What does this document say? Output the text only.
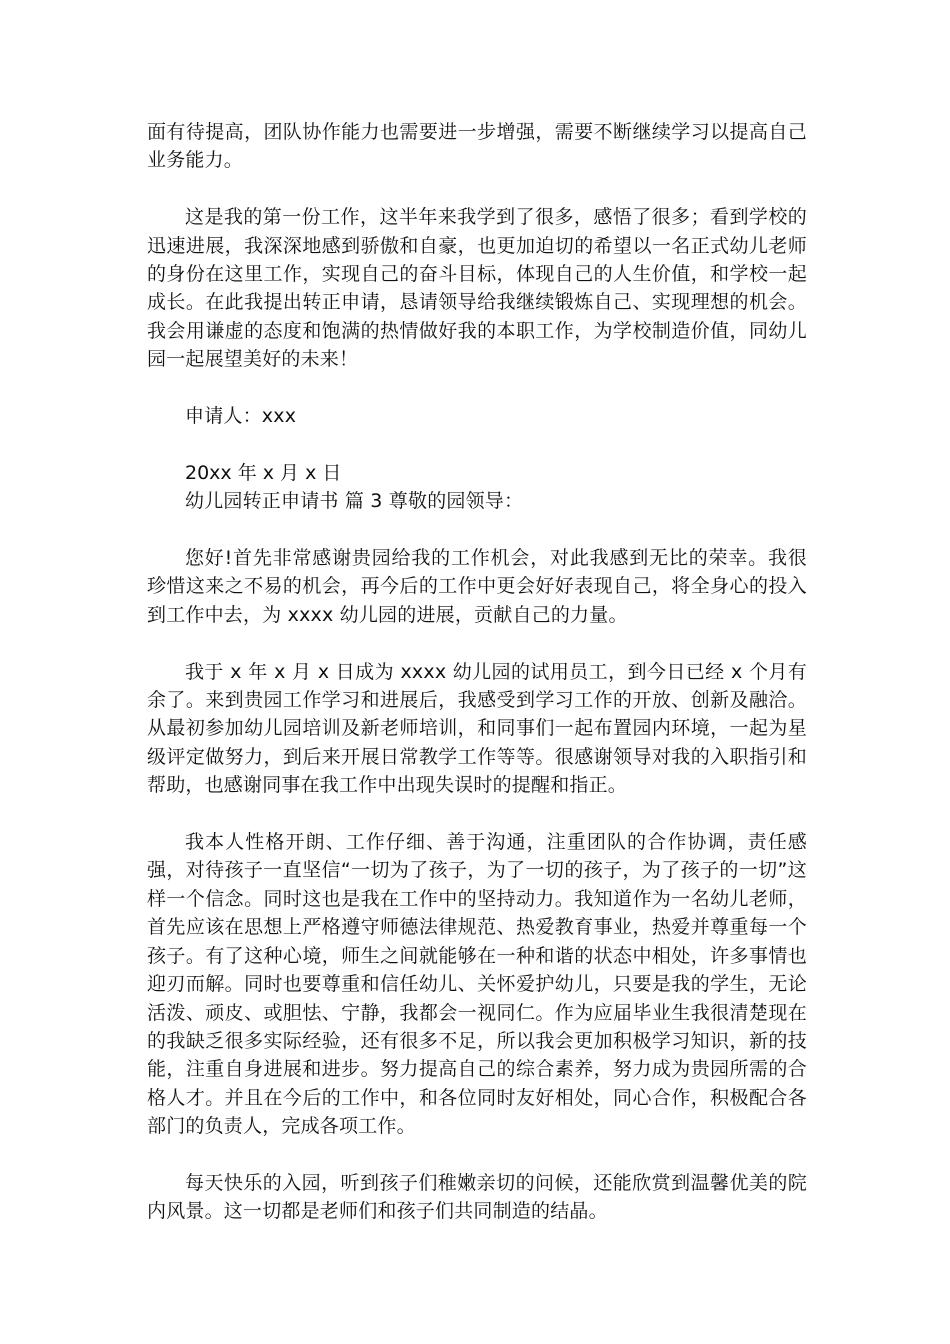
面有待提高，团队协作能力也需要进一步增强，需要不断继续学习以提高自己业务能力。

这是我的第一份工作，这半年来我学到了很多，感悟了很多；看到学校的迅速进展，我深深地感到骄傲和自豪，也更加迫切的希望以一名正式幼儿老师的身份在这里工作，实现自己的奋斗目标，体现自己的人生价值，和学校一起成长。在此我提出转正申请，恳请领导给我继续锻炼自己、实现理想的机会。我会用谦虚的态度和饱满的热情做好我的本职工作，为学校制造价值，同幼儿园一起展望美好的未来！

申请人：xxx

20xx 年 x 月 x 日

幼儿园转正申请书 篇 3 尊敬的园领导：

您好!首先非常感谢贵园给我的工作机会，对此我感到无比的荣幸。我很珍惜这来之不易的机会，再今后的工作中更会好好表现自己，将全身心的投入到工作中去，为 xxxx 幼儿园的进展，贡献自己的力量。

我于 x 年 x 月 x 日成为 xxxx 幼儿园的试用员工，到今日已经 x 个月有余了。来到贵园工作学习和进展后，我感受到学习工作的开放、创新及融洽。从最初参加幼儿园培训及新老师培训，和同事们一起布置园内环境，一起为星级评定做努力，到后来开展日常教学工作等等。很感谢领导对我的入职指引和帮助，也感谢同事在我工作中出现失误时的提醒和指正。

我本人性格开朗、工作仔细、善于沟通，注重团队的合作协调，责任感强，对待孩子一直坚信“一切为了孩子，为了一切的孩子，为了孩子的一切”这样一个信念。同时这也是我在工作中的坚持动力。我知道作为一名幼儿老师，首先应该在思想上严格遵守师德法律规范、热爱教育事业，热爱并尊重每一个孩子。有了这种心境，师生之间就能够在一种和谐的状态中相处，许多事情也迎刃而解。同时也要尊重和信任幼儿、关怀爱护幼儿，只要是我的学生，无论活泼、顽皮、或胆怯、宁静，我都会一视同仁。作为应届毕业生我很清楚现在的我缺乏很多实际经验，还有很多不足，所以我会更加积极学习知识，新的技能，注重自身进展和进步。努力提高自己的综合素养，努力成为贵园所需的合格人才。并且在今后的工作中，和各位同时友好相处，同心合作，积极配合各部门的负责人，完成各项工作。

每天快乐的入园，听到孩子们稚嫩亲切的问候，还能欣赏到温馨优美的院内风景。这一切都是老师们和孩子们共同制造的结晶。
